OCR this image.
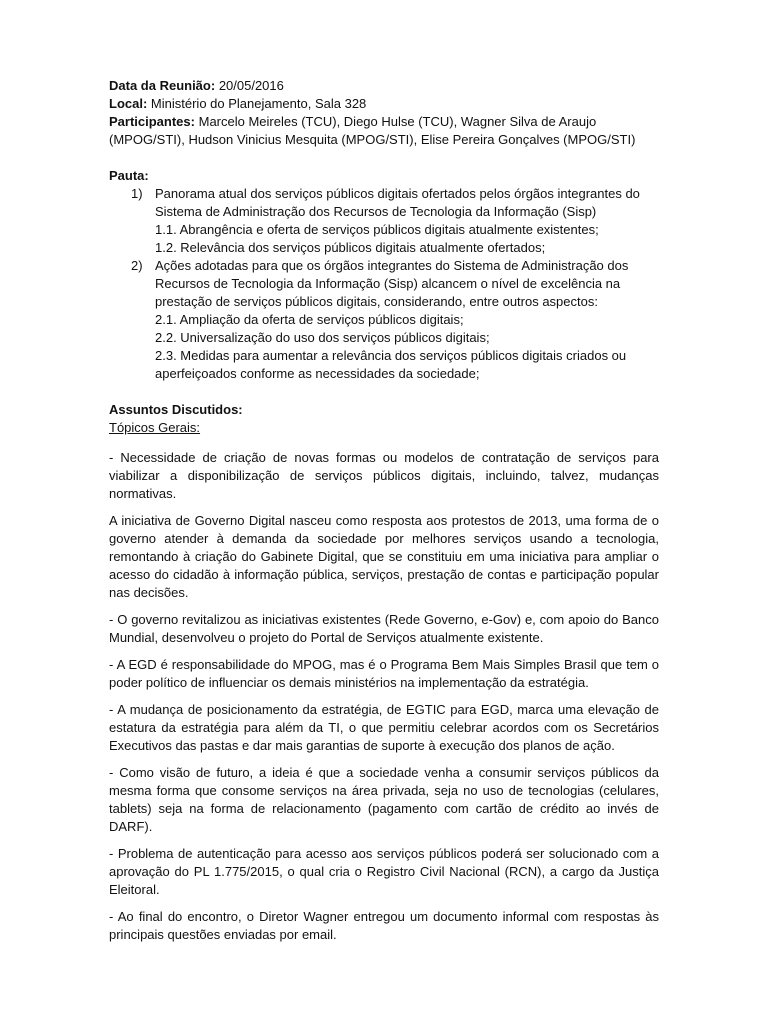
Data da Reunião: 20/05/2016
Local: Ministério do Planejamento, Sala 328
Participantes: Marcelo Meireles (TCU), Diego Hulse (TCU), Wagner Silva de Araujo (MPOG/STI), Hudson Vinicius Mesquita (MPOG/STI), Elise Pereira Gonçalves (MPOG/STI)
Pauta:
1) Panorama atual dos serviços públicos digitais ofertados pelos órgãos integrantes do Sistema de Administração dos Recursos de Tecnologia da Informação (Sisp)
1.1. Abrangência e oferta de serviços públicos digitais atualmente existentes;
1.2. Relevância dos serviços públicos digitais atualmente ofertados;
2) Ações adotadas para que os órgãos integrantes do Sistema de Administração dos Recursos de Tecnologia da Informação (Sisp) alcancem o nível de excelência na prestação de serviços públicos digitais, considerando, entre outros aspectos:
2.1. Ampliação da oferta de serviços públicos digitais;
2.2. Universalização do uso dos serviços públicos digitais;
2.3. Medidas para aumentar a relevância dos serviços públicos digitais criados ou aperfeiçoados conforme as necessidades da sociedade;
Assuntos Discutidos:
Tópicos Gerais:

- Necessidade de criação de novas formas ou modelos de contratação de serviços para viabilizar a disponibilização de serviços públicos digitais, incluindo, talvez, mudanças normativas.

A iniciativa de Governo Digital nasceu como resposta aos protestos de 2013, uma forma de o governo atender à demanda da sociedade por melhores serviços usando a tecnologia, remontando à criação do Gabinete Digital, que se constituiu em uma iniciativa para ampliar o acesso do cidadão à informação pública, serviços, prestação de contas e participação popular nas decisões.

- O governo revitalizou as iniciativas existentes (Rede Governo, e-Gov) e, com apoio do Banco Mundial, desenvolveu o projeto do Portal de Serviços atualmente existente.

- A EGD é responsabilidade do MPOG, mas é o Programa Bem Mais Simples Brasil que tem o poder político de influenciar os demais ministérios na implementação da estratégia.

- A mudança de posicionamento da estratégia, de EGTIC para EGD, marca uma elevação de estatura da estratégia para além da TI, o que permitiu celebrar acordos com os Secretários Executivos das pastas e dar mais garantias de suporte à execução dos planos de ação.

- Como visão de futuro, a ideia é que a sociedade venha a consumir serviços públicos da mesma forma que consome serviços na área privada, seja no uso de tecnologias (celulares, tablets) seja na forma de relacionamento (pagamento com cartão de crédito ao invés de DARF).

- Problema de autenticação para acesso aos serviços públicos poderá ser solucionado com a aprovação do PL 1.775/2015, o qual cria o Registro Civil Nacional (RCN), a cargo da Justiça Eleitoral.

- Ao final do encontro, o Diretor Wagner entregou um documento informal com respostas às principais questões enviadas por email.
